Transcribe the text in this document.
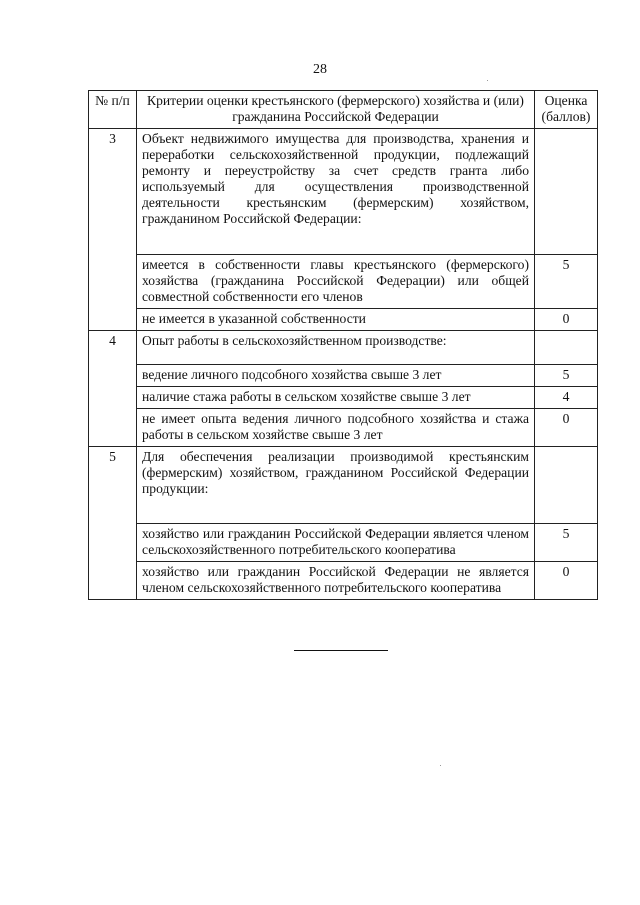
28
№ п/п	Критерии оценки крестьянского (фермерского) хозяйства и (или) гражданина Российской Федерации	Оценка (баллов)
3	Объект недвижимого имущества для производства, хранения и переработки сельскохозяйственной продукции, подлежащий ремонту и переустройству за счет средств гранта либо используемый для осуществления производственной деятельности крестьянским (фермерским) хозяйством, гражданином Российской Федерации:	
	имеется в собственности главы крестьянского (фермерского) хозяйства (гражданина Российской Федерации) или общей совместной собственности его членов	5
	не имеется в указанной собственности	0
4	Опыт работы в сельскохозяйственном производстве:	
	ведение личного подсобного хозяйства свыше 3 лет	5
	наличие стажа работы в сельском хозяйстве свыше 3 лет	4
	не имеет опыта ведения личного подсобного хозяйства и стажа работы в сельском хозяйстве свыше 3 лет	0
5	Для обеспечения реализации производимой крестьянским (фермерским) хозяйством, гражданином Российской Федерации продукции:	
	хозяйство или гражданин Российской Федерации является членом сельскохозяйственного потребительского кооператива	5
	хозяйство или гражданин Российской Федерации не является членом сельскохозяйственного потребительского кооператива	0
